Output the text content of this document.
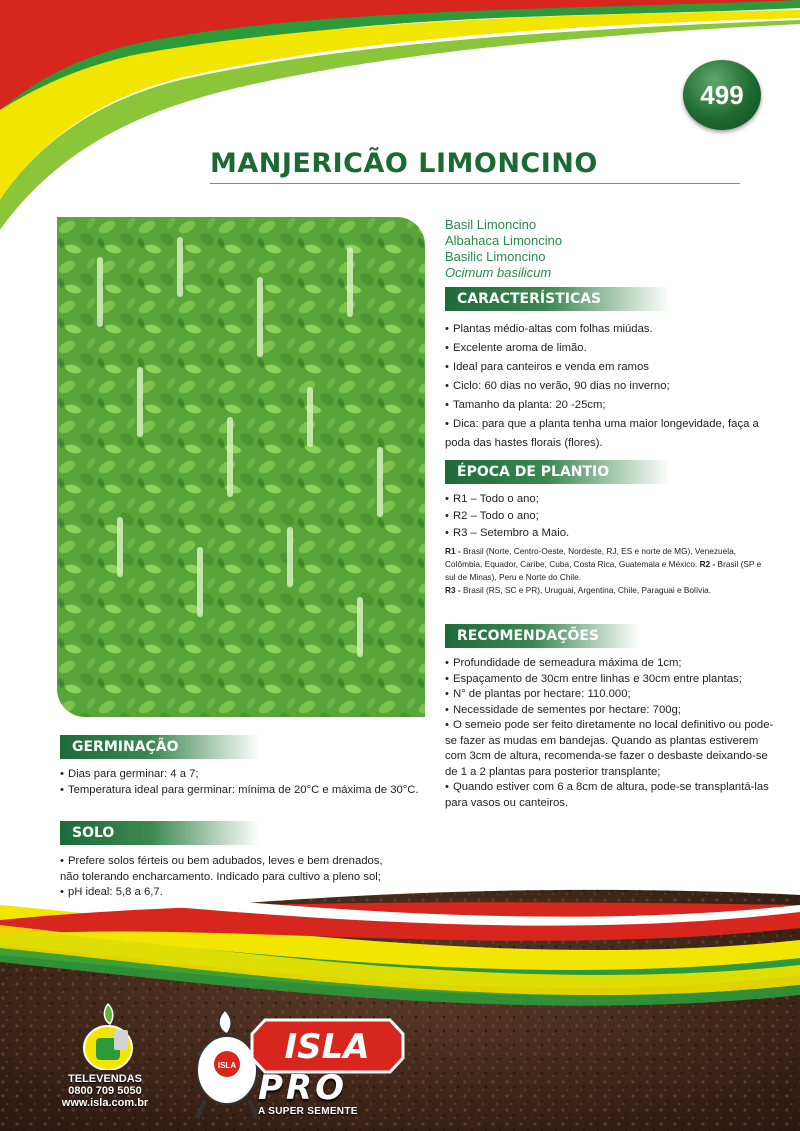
499
MANJERICÃO LIMONCINO
Basil Limoncino
Albahaca Limoncino
Basilic Limoncino
Ocimum basilicum
CARACTERÍSTICAS
• Plantas médio-altas com folhas miúdas.
• Excelente aroma de limão.
• Ideal para canteiros e venda em ramos
• Ciclo: 60 dias no verão, 90 dias no inverno;
• Tamanho da planta: 20 -25cm;
• Dica: para que a planta tenha uma maior longevidade, faça a poda das hastes florais (flores).
ÉPOCA DE PLANTIO
• R1 – Todo o ano;
• R2 – Todo o ano;
• R3 – Setembro a Maio.
R1 - Brasil (Norte, Centro-Oeste, Nordeste, RJ, ES e norte de MG), Venezuela, Colômbia, Equador, Caribe, Cuba, Costa Rica, Guatemala e México. R2 - Brasil (SP e sul de Minas), Peru e Norte do Chile.
R3 - Brasil (RS, SC e PR), Uruguai, Argentina, Chile, Paraguai e Bolívia.
RECOMENDAÇÕES
• Profundidade de semeadura máxima de 1cm;
• Espaçamento de 30cm entre linhas e 30cm entre plantas;
• N° de plantas por hectare: 110.000;
• Necessidade de sementes por hectare: 700g;
• O semeio pode ser feito diretamente no local definitivo ou pode-se fazer as mudas em bandejas. Quando as plantas estiverem com 3cm de altura, recomenda-se fazer o desbaste deixando-se de 1 a 2 plantas para posterior transplante;
• Quando estiver com 6 a 8cm de altura, pode-se transplantá-las para vasos ou canteiros.
GERMINAÇÃO
• Dias para germinar: 4 a 7;
• Temperatura ideal para germinar: mínima de 20°C e máxima de 30°C.
SOLO
• Prefere solos férteis ou bem adubados, leves e bem drenados, não tolerando encharcamento. Indicado para cultivo a pleno sol;
• pH ideal: 5,8 a 6,7.
TELEVENDAS
0800 709 5050
www.isla.com.br
ISLA ISLA
PRO
A SUPER SEMENTE
